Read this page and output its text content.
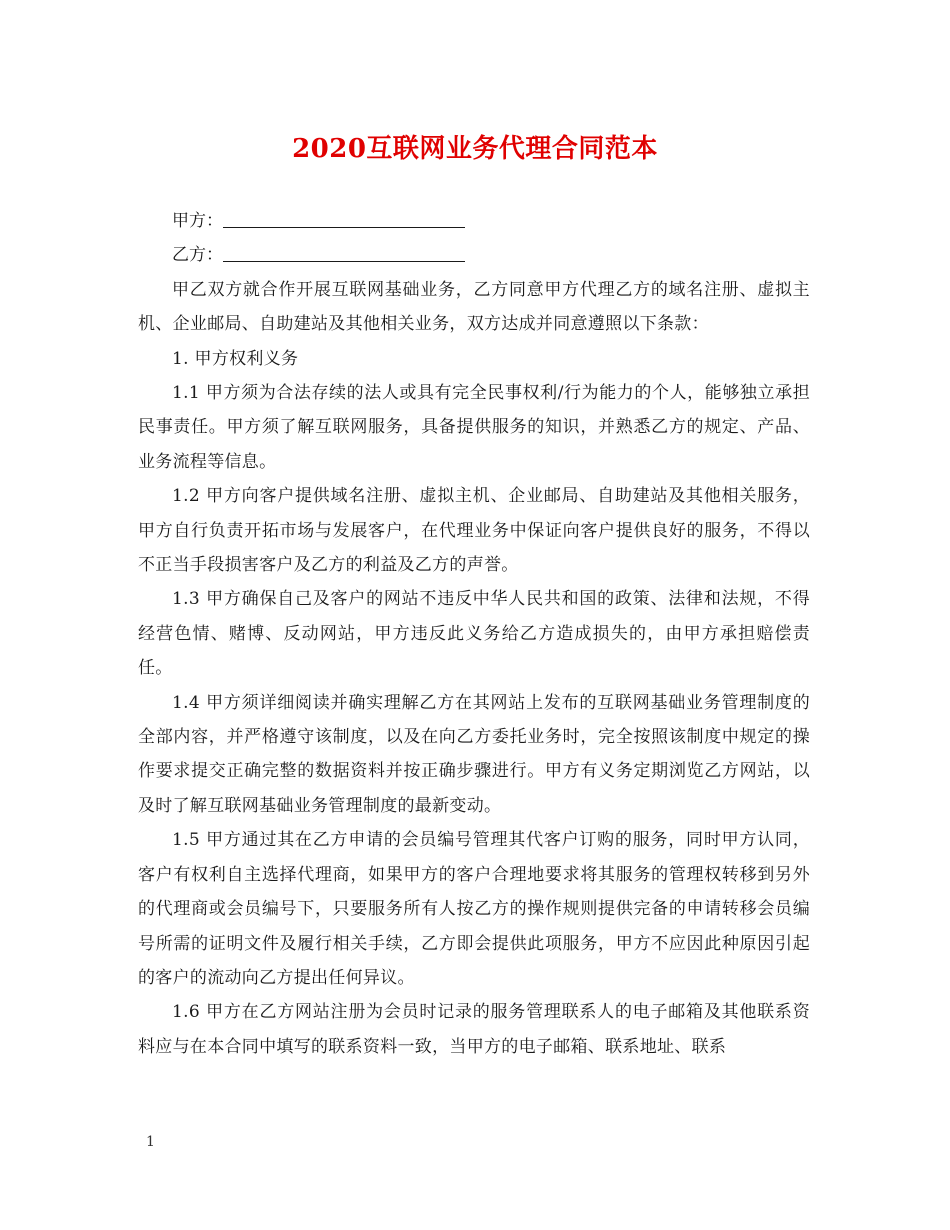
2020互联网业务代理合同范本
甲方：
乙方：

甲乙双方就合作开展互联网基础业务，乙方同意甲方代理乙方的域名注册、虚拟主机、企业邮局、自助建站及其他相关业务，双方达成并同意遵照以下条款：

1. 甲方权利义务

1.1 甲方须为合法存续的法人或具有完全民事权利/行为能力的个人，能够独立承担民事责任。甲方须了解互联网服务，具备提供服务的知识，并熟悉乙方的规定、产品、业务流程等信息。

1.2 甲方向客户提供域名注册、虚拟主机、企业邮局、自助建站及其他相关服务，甲方自行负责开拓市场与发展客户，在代理业务中保证向客户提供良好的服务，不得以不正当手段损害客户及乙方的利益及乙方的声誉。

1.3 甲方确保自己及客户的网站不违反中华人民共和国的政策、法律和法规，不得经营色情、赌博、反动网站，甲方违反此义务给乙方造成损失的，由甲方承担赔偿责任。

1.4 甲方须详细阅读并确实理解乙方在其网站上发布的互联网基础业务管理制度的全部内容，并严格遵守该制度，以及在向乙方委托业务时，完全按照该制度中规定的操作要求提交正确完整的数据资料并按正确步骤进行。甲方有义务定期浏览乙方网站，以及时了解互联网基础业务管理制度的最新变动。

1.5 甲方通过其在乙方申请的会员编号管理其代客户订购的服务，同时甲方认同，客户有权利自主选择代理商，如果甲方的客户合理地要求将其服务的管理权转移到另外的代理商或会员编号下，只要服务所有人按乙方的操作规则提供完备的申请转移会员编号所需的证明文件及履行相关手续，乙方即会提供此项服务，甲方不应因此种原因引起的客户的流动向乙方提出任何异议。

1.6 甲方在乙方网站注册为会员时记录的服务管理联系人的电子邮箱及其他联系资料应与在本合同中填写的联系资料一致，当甲方的电子邮箱、联系地址、联系

1
